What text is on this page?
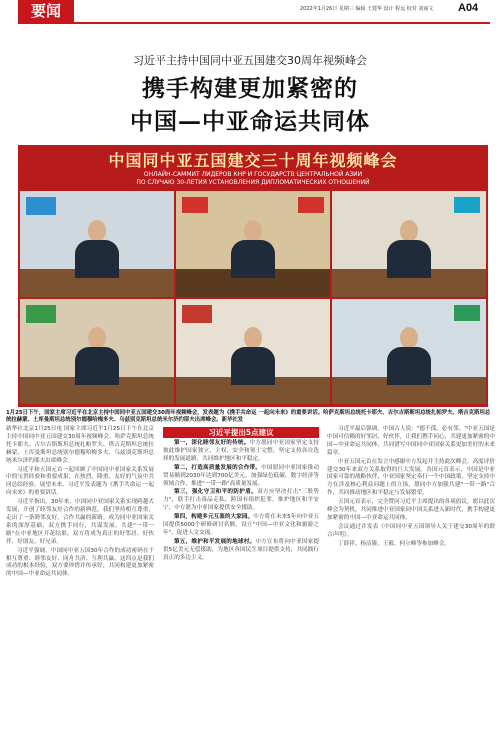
要闻	2022年1月26日 星期三 编辑 王建华 设计 程远 校对 刘丽文 A04
习近平主持中国同中亚五国建交30周年视频峰会
携手构建更加紧密的
中国—中亚命运共同体
中国同中亚五国建交三十周年视频峰会
ОНЛАЙН-САММИТ ЛИДЕРОВ КНР И ГОСУДАРСТВ ЦЕНТРАЛЬНОЙ АЗИИ
ПО СЛУЧАЮ 30-ЛЕТИЯ УСТАНОВЛЕНИЯ ДИПЛОМАТИЧЕСКИХ ОТНОШЕНИЙ
1月25日下午，国家主席习近平在北京主持中国同中亚五国建交30周年视频峰会，发表题为《携手共命运 一起向未来》的重要讲话。哈萨克斯坦总统托卡耶夫、吉尔吉斯斯坦总统扎帕罗夫、塔吉克斯坦总统拉赫蒙、土库曼斯坦总统别尔德穆哈梅多夫、乌兹别克斯坦总统米尔济约耶夫出席峰会。新华社发

新华社北京1月25日电 国家主席习近平1月25日下午在北京主持中国同中亚五国建交30周年视频峰会。哈萨克斯坦总统托卡耶夫、吉尔吉斯斯坦总统扎帕罗夫、塔吉克斯坦总统拉赫蒙、土库曼斯坦总统别尔德穆哈梅多夫、乌兹别克斯坦总统米尔济约耶夫出席峰会。

习近平和五国元首一起回顾了中国同中亚国家关系发展中的宝贵经验和重要成果，在热烈、隆重、友好的气氛中共同总结经验、展望未来。习近平发表题为《携手共命运 一起向未来》的重要讲话。

习近平指出，30年来，中国同中亚国家关系实现跨越式发展，开创了睦邻友好合作的新典范。我们坚持相互尊重，走出了一条睦邻友好、合作共赢的新路。成为同中亚国家关系的深厚基础，双方携手同行，共谋发展，共建"一带一路"在中亚地区开花结果，双方将成为真正的好邻居、好伙伴、好朋友、好兄弟。

习近平强调，中国同中亚五国30年合作的成功密码在于相互尊重、睦邻友好、同舟共济、互利共赢。这四点是我们成功的根本经验，双方要珍惜并传承好，共同构建更加紧密的中国—中亚命运共同体。

习近平提出5点建议

第一，深化睦邻友好的传统。中方愿同中亚国家坚定支持彼此维护国家独立、主权、安全和领土完整，坚定支持各自选择的发展道路，共同维护地区和平稳定。

第二，打造高质量发展的合作带。中国愿同中亚国家推动贸易额到2030年达到700亿美元，加强绿色低碳、数字经济等领域合作，推进"一带一路"高质量发展。

第三，强化守卫和平的防护盾。双方应坚决打击"三股势力"，联手打击毒品走私、跨国有组织犯罪，维护地区和平安宁，中方愿为中亚国家提供安全援助。

第四，构建多元互鉴的大家园。中方将在未来5年向中亚五国提供5000个研修研讨名额，设立"中国—中亚文化和旅游之年"，促进人文交流。

第五，维护和平发展的地球村。中方宣布将向中亚国家提供5亿美元无偿援助，为地区各国民生项目提供支持，共同践行真正的多边主义。

习近平最后强调，中国古人说："德不孤，必有邻。"中亚五国是中国可信赖的好邻居、好伙伴，让我们携手同心，共建更加紧密的中国—中亚命运共同体，共同谱写中国同中亚国家关系更加美好的未来篇章。

中亚五国元首在发言中感谢中方发起并主持此次峰会，高度评价建交30年来双方关系取得的巨大发展。各国元首表示，中国是中亚国家可靠的战略伙伴，中亚国家坚定奉行一个中国政策，坚定支持中方在涉及核心利益问题上的立场，愿同中方加强共建"一带一路"合作，共同推动地区和平稳定与发展繁荣。

五国元首表示，完全赞同习近平主席提出的各项倡议，愿以此次峰会为契机，共同推进中亚国家同中国关系进入新时代，携手构建更加紧密的中国—中亚命运共同体。

会议通过并发表《中国同中亚五国领导人关于建交30周年的联合声明》。

丁薛祥、杨洁篪、王毅、何立峰等参加峰会。
